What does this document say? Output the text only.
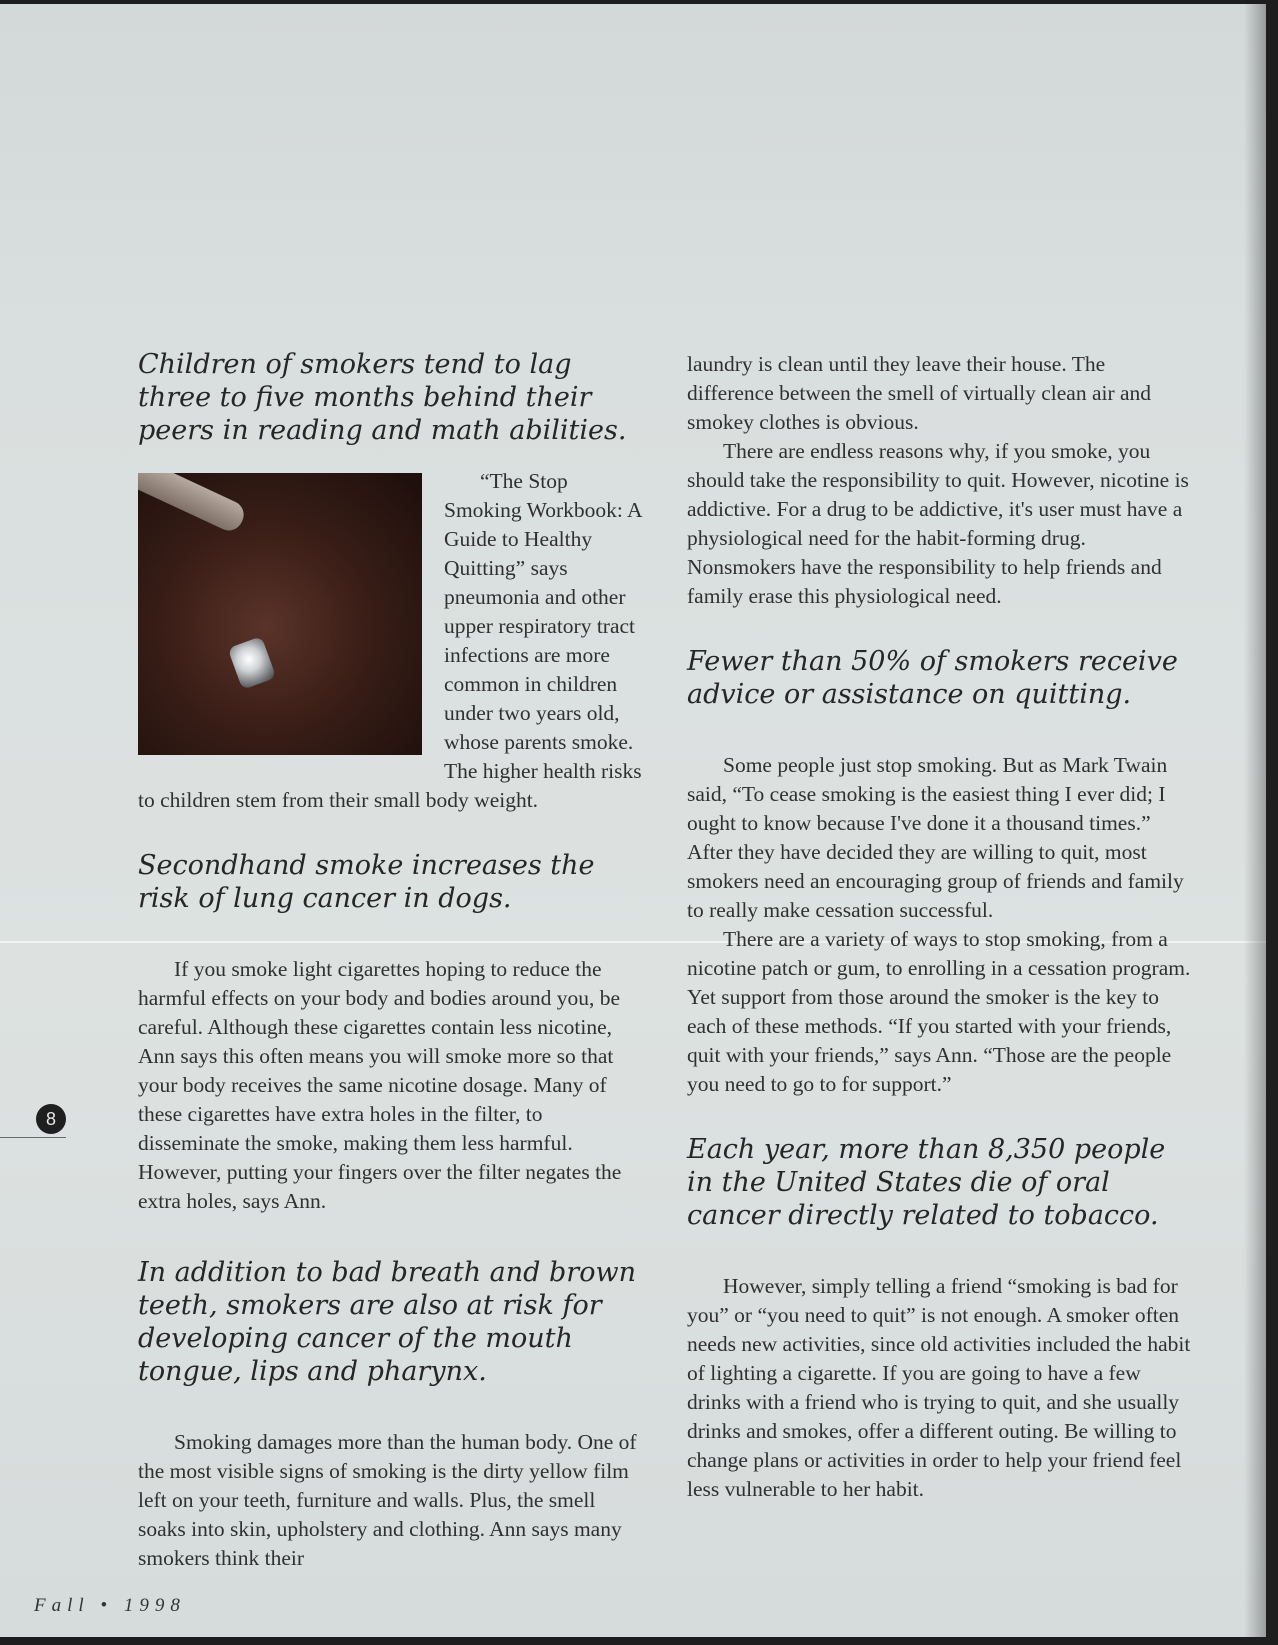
Children of smokers tend to lag three to five months behind their peers in reading and math abilities.

“The Stop Smoking Workbook: A Guide to Healthy Quitting” says pneumonia and other upper respiratory tract infections are more common in children under two years old, whose parents smoke. The higher health risks to children stem from their small body weight.

Secondhand smoke increases the risk of lung cancer in dogs.

If you smoke light cigarettes hoping to reduce the harmful effects on your body and bodies around you, be careful. Although these cigarettes contain less nicotine, Ann says this often means you will smoke more so that your body receives the same nicotine dosage. Many of these cigarettes have extra holes in the filter, to disseminate the smoke, making them less harmful. However, putting your fingers over the filter negates the extra holes, says Ann.

In addition to bad breath and brown teeth, smokers are also at risk for developing cancer of the mouth tongue, lips and pharynx.

Smoking damages more than the human body. One of the most visible signs of smoking is the dirty yellow film left on your teeth, furniture and walls. Plus, the smell soaks into skin, upholstery and clothing. Ann says many smokers think their

laundry is clean until they leave their house. The difference between the smell of virtually clean air and smokey clothes is obvious.

There are endless reasons why, if you smoke, you should take the responsibility to quit. However, nicotine is addictive. For a drug to be addictive, it's user must have a physiological need for the habit-forming drug. Nonsmokers have the responsibility to help friends and family erase this physiological need.

Fewer than 50% of smokers receive advice or assistance on quitting.

Some people just stop smoking. But as Mark Twain said, “To cease smoking is the easiest thing I ever did; I ought to know because I've done it a thousand times.” After they have decided they are willing to quit, most smokers need an encouraging group of friends and family to really make cessation successful.

There are a variety of ways to stop smoking, from a nicotine patch or gum, to enrolling in a cessation program. Yet support from those around the smoker is the key to each of these methods. “If you started with your friends, quit with your friends,” says Ann. “Those are the people you need to go to for support.”

Each year, more than 8,350 people in the United States die of oral cancer directly related to tobacco.

However, simply telling a friend “smoking is bad for you” or “you need to quit” is not enough. A smoker often needs new activities, since old activities included the habit of lighting a cigarette. If you are going to have a few drinks with a friend who is trying to quit, and she usually drinks and smokes, offer a different outing. Be willing to change plans or activities in order to help your friend feel less vulnerable to her habit.

8
Fall • 1998
